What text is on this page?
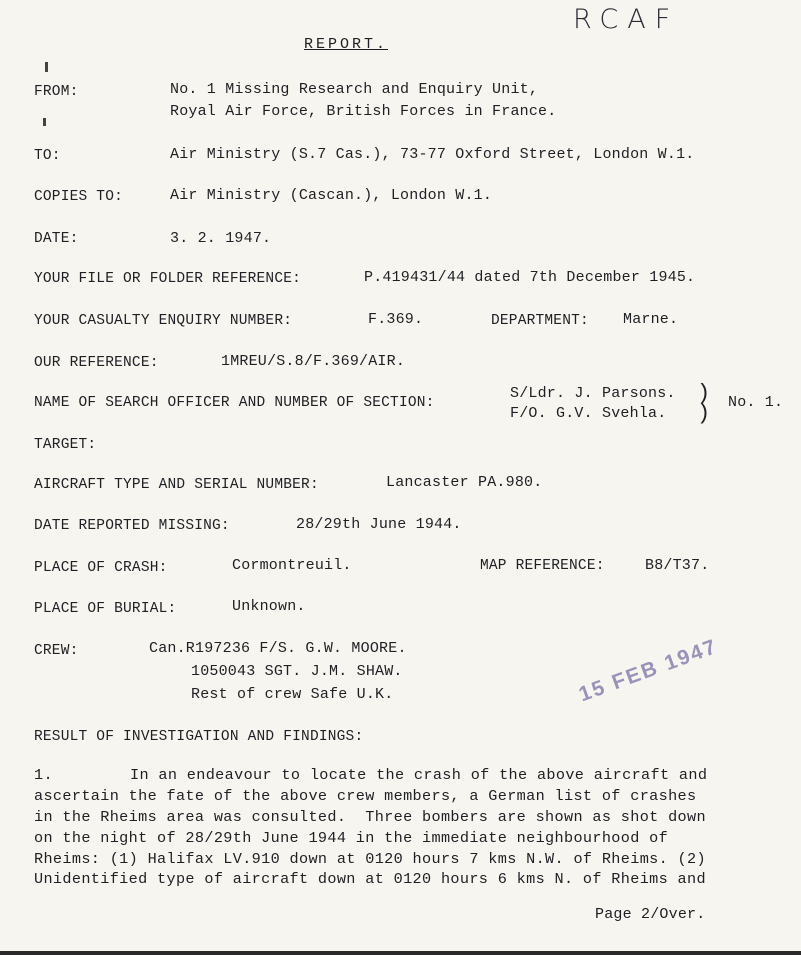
RCAF
REPORT.
FROM:	No. 1 Missing Research and Enquiry Unit,
Royal Air Force, British Forces in France.
TO:	Air Ministry (S.7 Cas.), 73-77 Oxford Street, London W.1.
COPIES TO:	Air Ministry (Cascan.), London W.1.
DATE:	3. 2. 1947.
YOUR FILE OR FOLDER REFERENCE:	P.419431/44 dated 7th December 1945.
YOUR CASUALTY ENQUIRY NUMBER:	F.369.	DEPARTMENT: Marne.
OUR REFERENCE:	1MREU/S.8/F.369/AIR.
NAME OF SEARCH OFFICER AND NUMBER OF SECTION:
S/Ldr. J. Parsons.
F/O. G.V. Svehla.
)
) No. 1.
TARGET:
AIRCRAFT TYPE AND SERIAL NUMBER:	Lancaster PA.980.
DATE REPORTED MISSING:	28/29th June 1944.
PLACE OF CRASH:	Cormontreuil.	MAP REFERENCE:	B8/T37.
PLACE OF BURIAL:	Unknown.
CREW:	Can.R197236 F/S. G.W. MOORE.
1050043 SGT. J.M. SHAW.
Rest of crew Safe U.K.	15 FEB 1947
RESULT OF INVESTIGATION AND FINDINGS:
1.	In an endeavour to locate the crash of the above aircraft and
ascertain the fate of the above crew members, a German list of crashes
in the Rheims area was consulted.  Three bombers are shown as shot down
on the night of 28/29th June 1944 in the immediate neighbourhood of
Rheims: (1) Halifax LV.910 down at 0120 hours 7 kms N.W. of Rheims. (2)
Unidentified type of aircraft down at 0120 hours 6 kms N. of Rheims and
Page 2/Over.
